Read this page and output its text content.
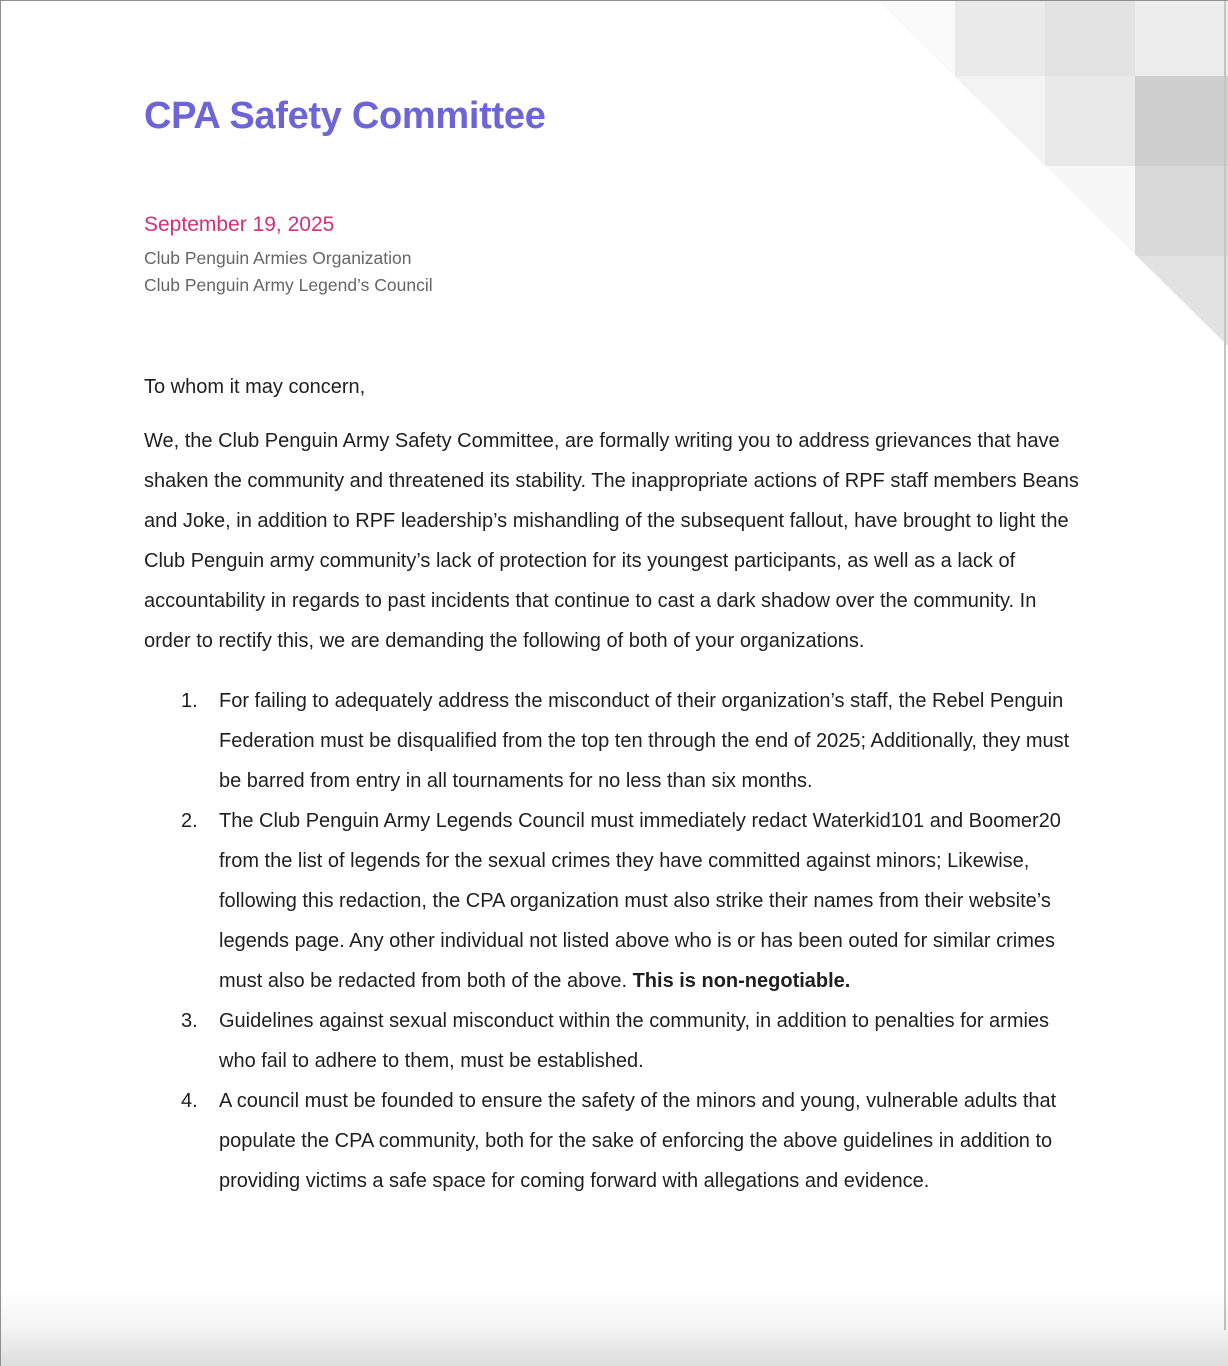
CPA Safety Committee
September 19, 2025
Club Penguin Armies Organization
Club Penguin Army Legend’s Council
To whom it may concern,

We, the Club Penguin Army Safety Committee, are formally writing you to address grievances that have shaken the community and threatened its stability. The inappropriate actions of RPF staff members Beans and Joke, in addition to RPF leadership’s mishandling of the subsequent fallout, have brought to light the Club Penguin army community’s lack of protection for its youngest participants, as well as a lack of accountability in regards to past incidents that continue to cast a dark shadow over the community. In order to rectify this, we are demanding the following of both of your organizations.

1.	For failing to adequately address the misconduct of their organization’s staff, the Rebel Penguin Federation must be disqualified from the top ten through the end of 2025; Additionally, they must be barred from entry in all tournaments for no less than six months.
2.	The Club Penguin Army Legends Council must immediately redact Waterkid101 and Boomer20 from the list of legends for the sexual crimes they have committed against minors; Likewise, following this redaction, the CPA organization must also strike their names from their website’s legends page. Any other individual not listed above who is or has been outed for similar crimes must also be redacted from both of the above. This is non-negotiable.
3.	Guidelines against sexual misconduct within the community, in addition to penalties for armies who fail to adhere to them, must be established.
4.	A council must be founded to ensure the safety of the minors and young, vulnerable adults that populate the CPA community, both for the sake of enforcing the above guidelines in addition to providing victims a safe space for coming forward with allegations and evidence.
